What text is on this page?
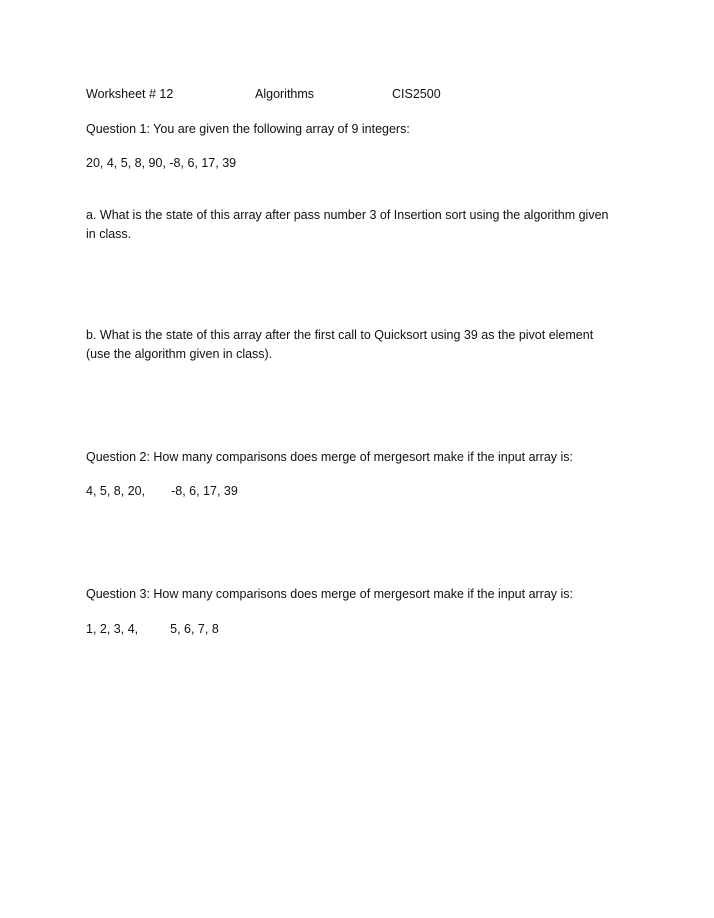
Worksheet # 12	Algorithms	CIS2500
Question 1: You are given the following array of 9 integers:
20, 4, 5, 8, 90, -8, 6, 17, 39
a. What is the state of this array after pass number 3 of Insertion sort using the algorithm given
in class.
b. What is the state of this array after the first call to Quicksort using 39 as the pivot element
(use the algorithm given in class).
Question 2: How many comparisons does merge of mergesort make if the input array is:
4, 5, 8, 20, -8, 6, 17, 39
Question 3: How many comparisons does merge of mergesort make if the input array is:
1, 2, 3, 4,	5, 6, 7, 8
